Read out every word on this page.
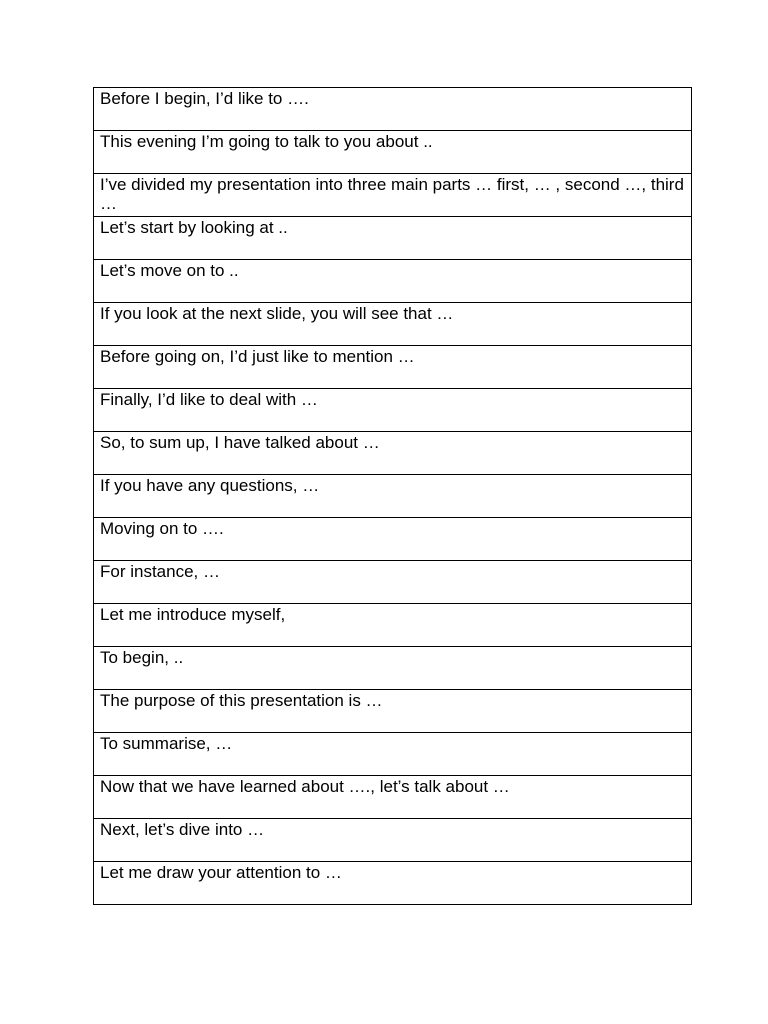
Before I begin, I’d like to ….
This evening I’m going to talk to you about ..
I’ve divided my presentation into three main parts … first, … , second …, third …
Let’s start by looking at ..
Let’s move on to ..
If you look at the next slide, you will see that …
Before going on, I’d just like to mention …
Finally, I’d like to deal with …
So, to sum up, I have talked about …
If you have any questions, …
Moving on to ….
For instance, …
Let me introduce myself,
To begin, ..
The purpose of this presentation is …
To summarise, …
Now that we have learned about …., let’s talk about …
Next, let’s dive into …
Let me draw your attention to …
